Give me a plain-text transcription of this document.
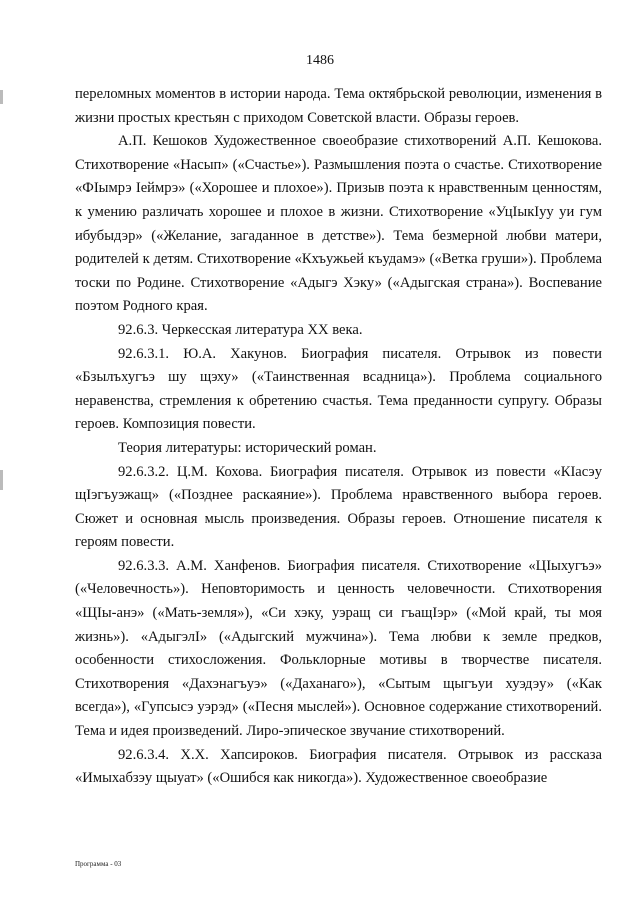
1486

переломных моментов в истории народа. Тема октябрьской революции, изменения в жизни простых крестьян с приходом Советской власти. Образы героев.

А.П. Кешоков Художественное своеобразие стихотворений А.П. Кешокова. Стихотворение «Насып» («Счастье»). Размышления поэта о счастье. Стихотворение «ФIымрэ Iеймрэ» («Хорошее и плохое»). Призыв поэта к нравственным ценностям, к умению различать хорошее и плохое в жизни. Стихотворение «УцIыкIуу уи гум ибубыдэр» («Желание, загаданное в детстве»). Тема безмерной любви матери, родителей к детям. Стихотворение «Кхъужьей къудамэ» («Ветка груши»). Проблема тоски по Родине. Стихотворение «Адыгэ Хэку» («Адыгская страна»). Воспевание поэтом Родного края.

92.6.3. Черкесская литература XX века.

92.6.3.1. Ю.А. Хакунов. Биография писателя. Отрывок из повести «Бзылъхугъэ шу щэху» («Таинственная всадница»). Проблема социального неравенства, стремления к обретению счастья. Тема преданности супругу. Образы героев. Композиция повести.

Теория литературы: исторический роман.

92.6.3.2. Ц.М. Кохова. Биография писателя. Отрывок из повести «КIасэу щIэгъуэжащ» («Позднее раскаяние»). Проблема нравственного выбора героев. Сюжет и основная мысль произведения. Образы героев. Отношение писателя к героям повести.

92.6.3.3. А.М. Ханфенов. Биография писателя. Стихотворение «ЦIыхугъэ» («Человечность»). Неповторимость и ценность человечности. Стихотворения «ЩIы-анэ» («Мать-земля»), «Си хэку, уэращ си гъащIэр» («Мой край, ты моя жизнь»). «АдыгэлI» («Адыгский мужчина»). Тема любви к земле предков, особенности стихосложения. Фольклорные мотивы в творчестве писателя. Стихотворения «Дахэнагъуэ» («Даханаго»), «Сытым щыгъуи хуэдэу» («Как всегда»), «Гупсысэ уэрэд» («Песня мыслей»). Основное содержание стихотворений. Тема и идея произведений. Лиро-эпическое звучание стихотворений.

92.6.3.4. Х.Х. Хапсироков. Биография писателя. Отрывок из рассказа «Имыхабзэу щыуат» («Ошибся как никогда»). Художественное своеобразие

Программа - 03
